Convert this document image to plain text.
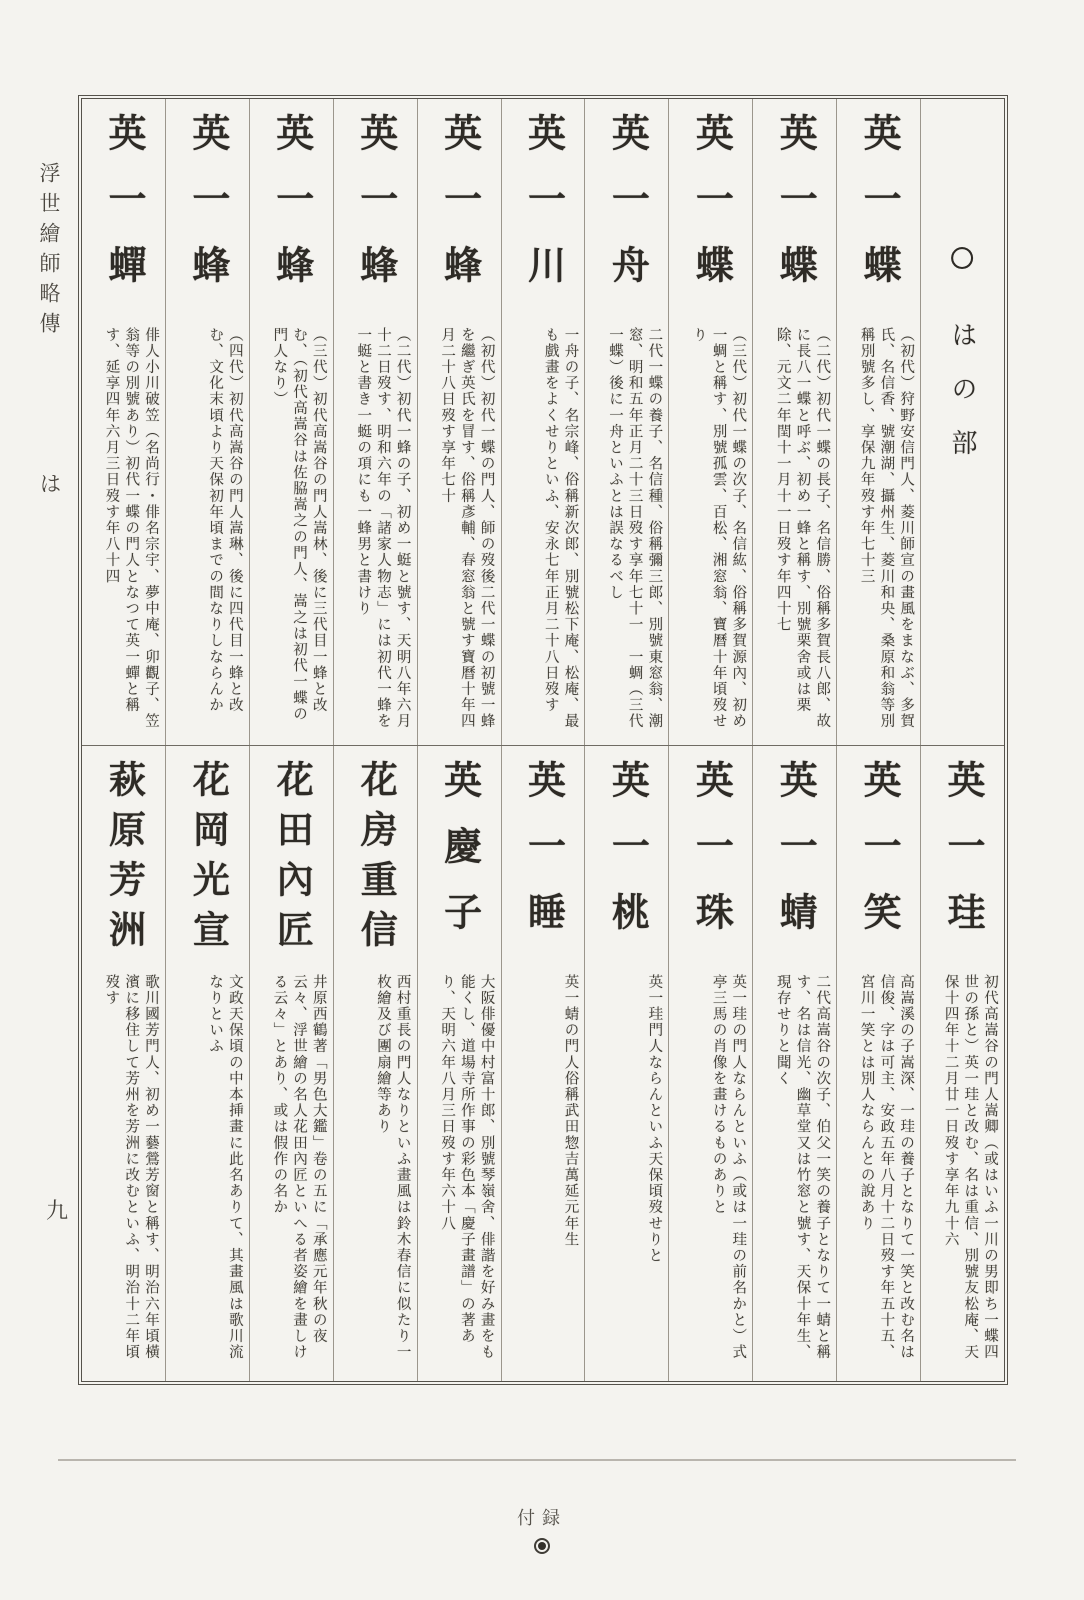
○
はの部
英一蝶
（初代）狩野安信門人、菱川師宣の畫風をまなぶ、多賀氏、名信香、號潮湖、攝州生、菱川和央、桑原和翁等別稱別號多し、享保九年歿す年七十三
英一蝶
（二代）初代一蝶の長子、名信勝、俗稱多賀長八郎、故に長八一蝶と呼ぶ、初め一蜂と稱す、別號栗舍或は栗除、元文二年閏十一月十一日歿す年四十七
英一蝶
（三代）初代一蝶の次子、名信紘、俗稱多賀源內、初め一蜩と稱す、別號孤雲、百松、湘窓翁、寶曆十年頃歿せり
英一舟
二代一蝶の養子、名信種、俗稱彌三郎、別號東窓翁、潮窓、明和五年正月二十三日歿す享年七十一　一蜩（三代一蝶）後に一舟といふとは誤なるべし
英一川
一舟の子、名宗峰、俗稱新次郎、別號松下庵、松庵、最も戲畫をよくせりといふ、安永七年正月二十八日歿す
英一蜂
（初代）初代一蝶の門人、師の歿後二代一蝶の初號一蜂を繼ぎ英氏を冒す、俗稱彥輔、春窓翁と號す寶曆十年四月二十八日歿す享年七十
英一蜂
（二代）初代一蜂の子、初め一蜓と號す、天明八年六月十二日歿す、明和六年の「諸家人物志」には初代一蜂を一蜓と書き一蜓の項にも一蜂男と書けり
英一蜂
（三代）初代高嵩谷の門人嵩林、後に三代目一蜂と改む、（初代高嵩谷は佐脇嵩之の門人、嵩之は初代一蝶の門人なり）
英一蜂
（四代）初代高嵩谷の門人嵩琳、後に四代目一蜂と改む、文化末頃より天保初年頃までの間なりしならんか
英一蟬
俳人小川破笠（名尚行・俳名宗宇、夢中庵、卯觀子、笠翁等の別號あり）初代一蝶の門人となつて英一蟬と稱す、延享四年六月三日歿す年八十四
英一珪
初代高嵩谷の門人嵩卿（或はいふ一川の男即ち一蝶四世の孫と）英一珪と改む、名は重信、別號友松庵、天保十四年十二月廿一日歿す享年九十六
英一笑
高嵩溪の子嵩深、一珪の養子となりて一笑と改む名は信俊、字は可主、安政五年八月十二日歿す年五十五、宮川一笑とは別人ならんとの說あり
英一蜻
二代高嵩谷の次子、伯父一笑の養子となりて一蜻と稱す、名は信光、幽草堂又は竹窓と號す、天保十年生、現存せりと聞く
英一珠
英一珪の門人ならんといふ（或は一珪の前名かと）式亭三馬の肖像を畫けるものありと
英一桃
英一珪門人ならんといふ天保頃歿せりと
英一睡
英一蜻の門人俗稱武田惣吉萬延元年生
英慶子
大阪俳優中村富十郎、別號琴嶺舍、俳諧を好み畫をも能くし、道場寺所作事の彩色本「慶子畫譜」の著あり、天明六年八月三日歿す年六十八
花房重信
西村重長の門人なりといふ畫風は鈴木春信に似たり一枚繪及び團扇繪等あり
花田內匠
井原西鶴著「男色大鑑」卷の五に「承應元年秋の夜云々、浮世繪の名人花田內匠といへる者姿繪を畫しける云々」とあり、或は假作の名か
花岡光宣
文政天保頃の中本挿畫に此名ありて、其畫風は歌川流なりといふ
萩原芳洲
歌川國芳門人、初め一藝鶯芳窗と稱す、明治六年頃橫濱に移住して芳州を芳洲に改むといふ、明治十二年頃歿す
浮世繪師略傳
は
九
付録
